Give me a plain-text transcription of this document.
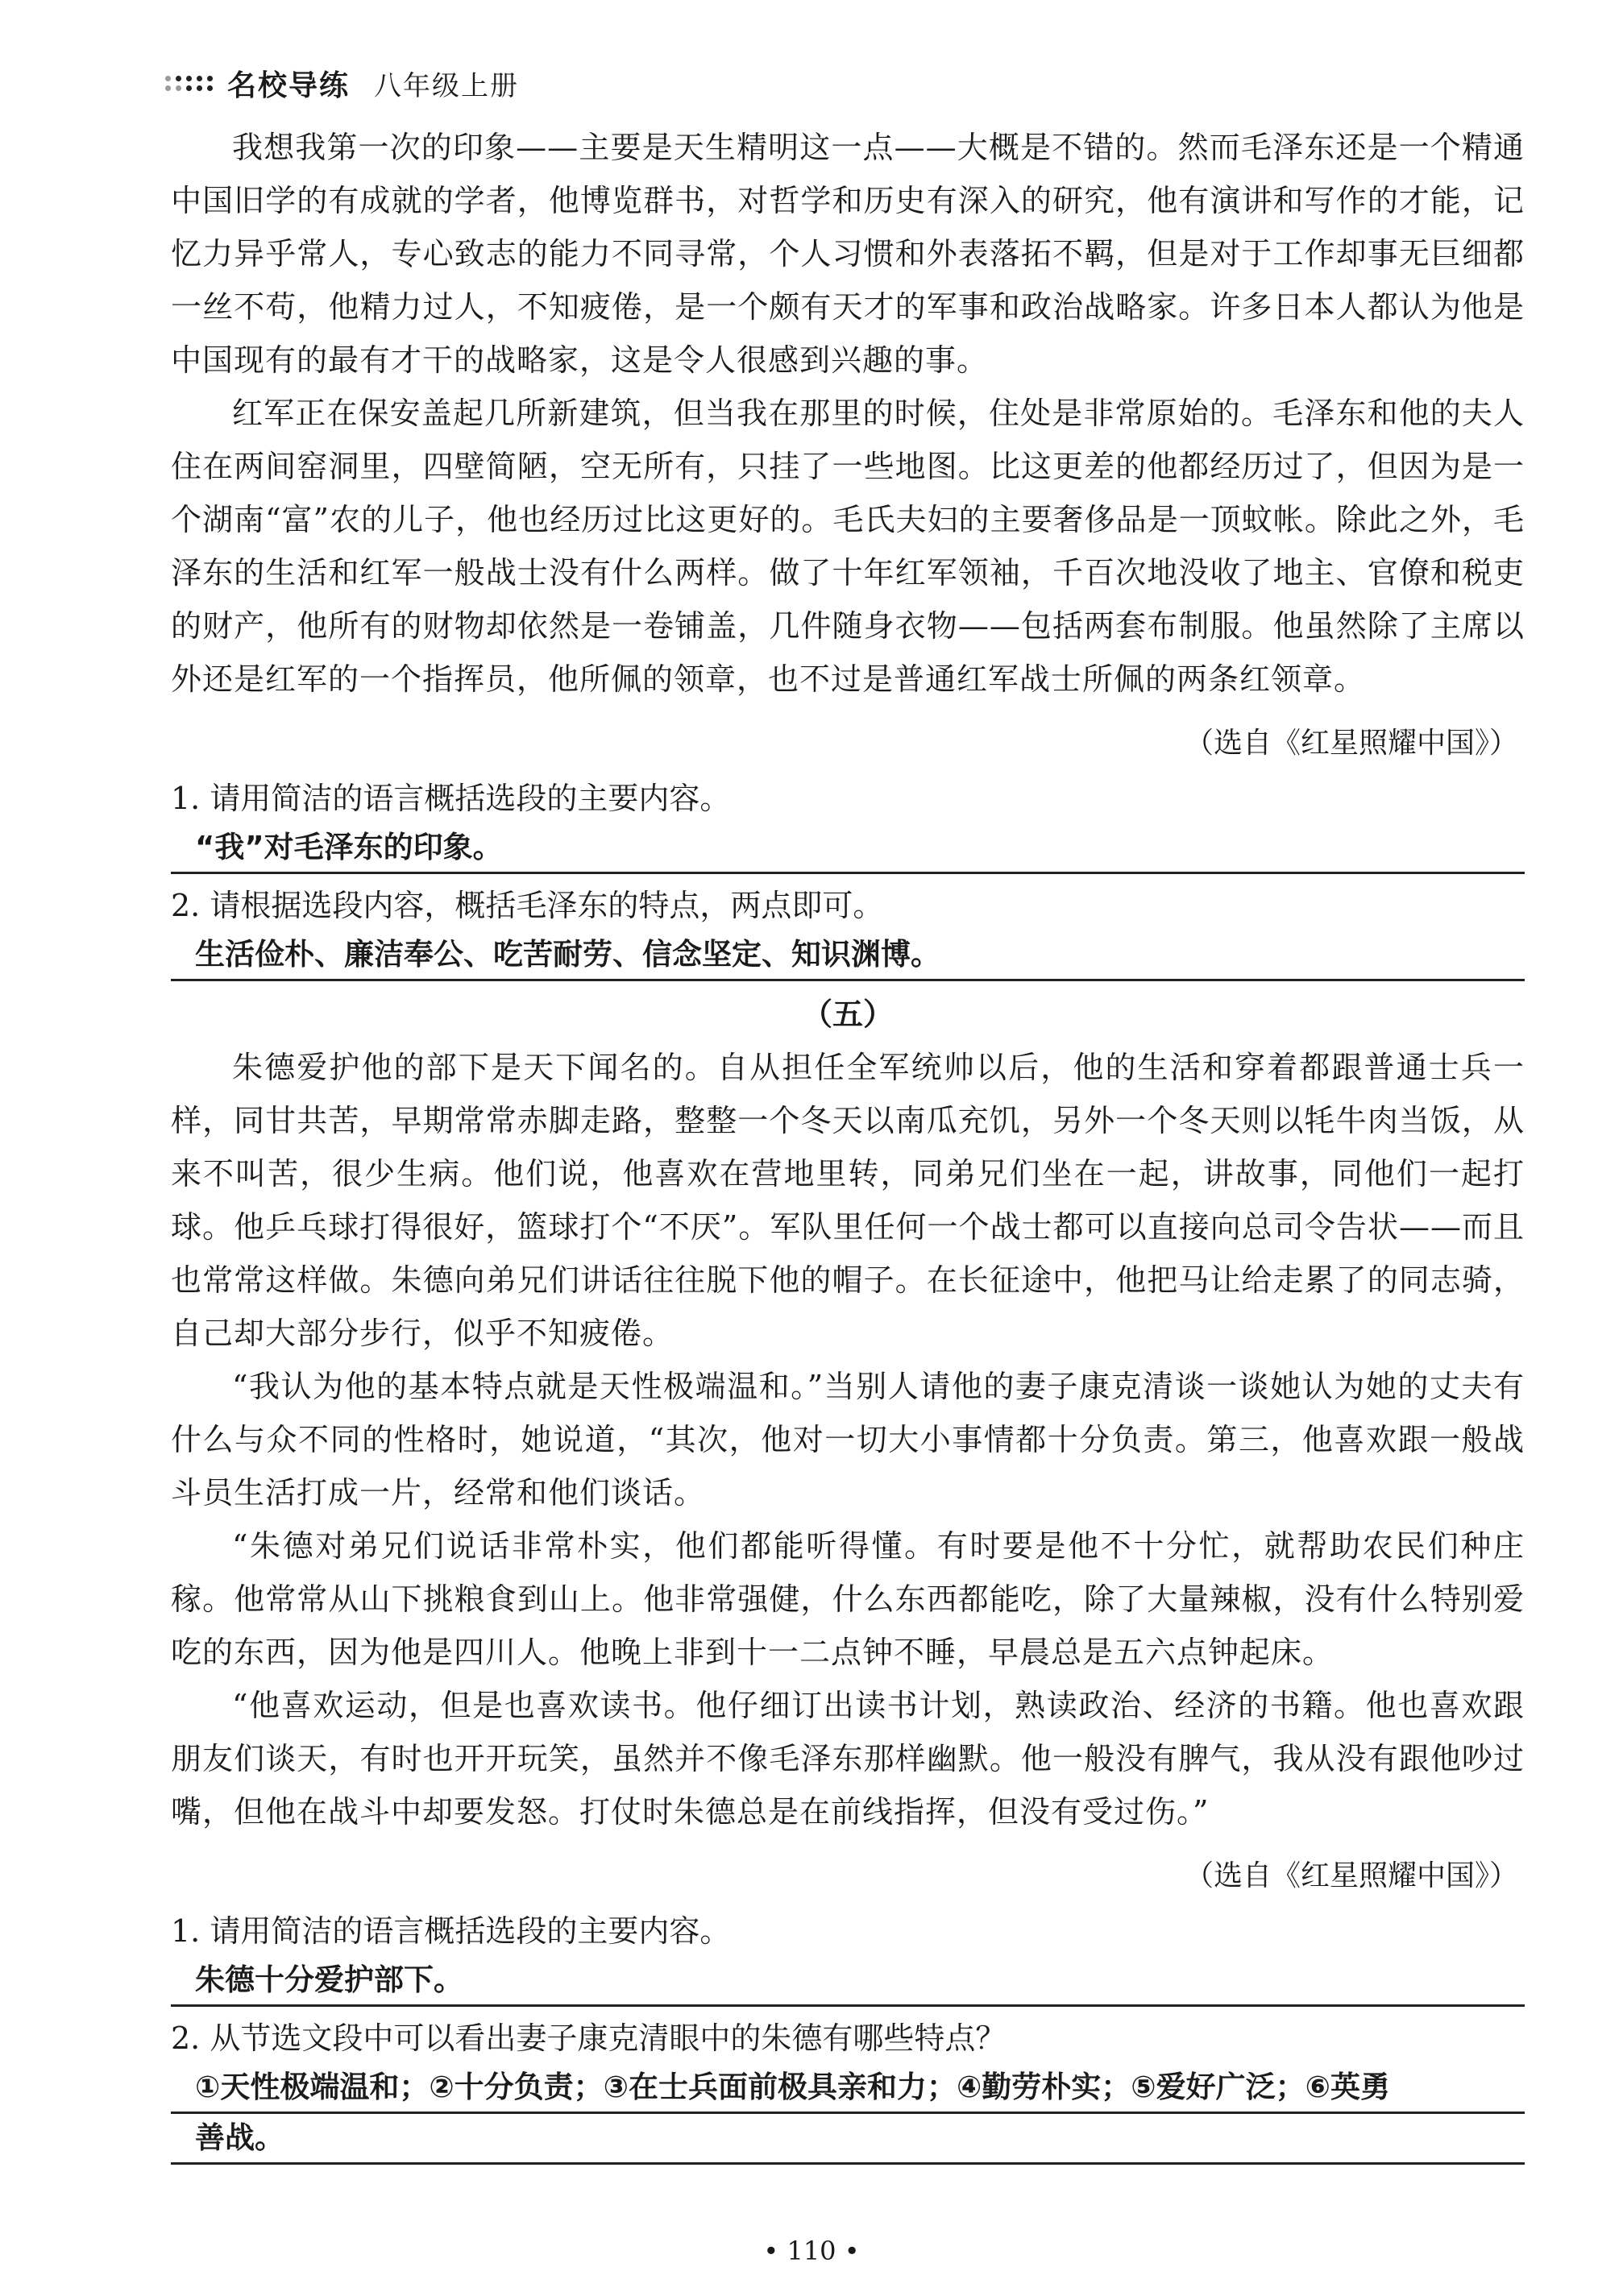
名校导练 八年级上册

我想我第一次的印象——主要是天生精明这一点——大概是不错的。然而毛泽东还是一个精通中国旧学的有成就的学者，他博览群书，对哲学和历史有深入的研究，他有演讲和写作的才能，记忆力异乎常人，专心致志的能力不同寻常，个人习惯和外表落拓不羁，但是对于工作却事无巨细都一丝不苟，他精力过人，不知疲倦，是一个颇有天才的军事和政治战略家。许多日本人都认为他是中国现有的最有才干的战略家，这是令人很感到兴趣的事。

红军正在保安盖起几所新建筑，但当我在那里的时候，住处是非常原始的。毛泽东和他的夫人住在两间窑洞里，四壁简陋，空无所有，只挂了一些地图。比这更差的他都经历过了，但因为是一个湖南“富”农的儿子，他也经历过比这更好的。毛氏夫妇的主要奢侈品是一顶蚊帐。除此之外，毛泽东的生活和红军一般战士没有什么两样。做了十年红军领袖，千百次地没收了地主、官僚和税吏的财产，他所有的财物却依然是一卷铺盖，几件随身衣物——包括两套布制服。他虽然除了主席以外还是红军的一个指挥员，他所佩的领章，也不过是普通红军战士所佩的两条红领章。

（选自《红星照耀中国》）
1. 请用简洁的语言概括选段的主要内容。
“我”对毛泽东的印象。
2. 请根据选段内容，概括毛泽东的特点，两点即可。
生活俭朴、廉洁奉公、吃苦耐劳、信念坚定、知识渊博。
（五）

朱德爱护他的部下是天下闻名的。自从担任全军统帅以后，他的生活和穿着都跟普通士兵一样，同甘共苦，早期常常赤脚走路，整整一个冬天以南瓜充饥，另外一个冬天则以牦牛肉当饭，从来不叫苦，很少生病。他们说，他喜欢在营地里转，同弟兄们坐在一起，讲故事，同他们一起打球。他乒乓球打得很好，篮球打个“不厌”。军队里任何一个战士都可以直接向总司令告状——而且也常常这样做。朱德向弟兄们讲话往往脱下他的帽子。在长征途中，他把马让给走累了的同志骑，自己却大部分步行，似乎不知疲倦。

“我认为他的基本特点就是天性极端温和。”当别人请他的妻子康克清谈一谈她认为她的丈夫有什么与众不同的性格时，她说道，“其次，他对一切大小事情都十分负责。第三，他喜欢跟一般战斗员生活打成一片，经常和他们谈话。

“朱德对弟兄们说话非常朴实，他们都能听得懂。有时要是他不十分忙，就帮助农民们种庄稼。他常常从山下挑粮食到山上。他非常强健，什么东西都能吃，除了大量辣椒，没有什么特别爱吃的东西，因为他是四川人。他晚上非到十一二点钟不睡，早晨总是五六点钟起床。

“他喜欢运动，但是也喜欢读书。他仔细订出读书计划，熟读政治、经济的书籍。他也喜欢跟朋友们谈天，有时也开开玩笑，虽然并不像毛泽东那样幽默。他一般没有脾气，我从没有跟他吵过嘴，但他在战斗中却要发怒。打仗时朱德总是在前线指挥，但没有受过伤。”

（选自《红星照耀中国》）
1. 请用简洁的语言概括选段的主要内容。
朱德十分爱护部下。
2. 从节选文段中可以看出妻子康克清眼中的朱德有哪些特点？
①天性极端温和；②十分负责；③在士兵面前极具亲和力；④勤劳朴实；⑤爱好广泛；⑥英勇
善战。
• 110 •
